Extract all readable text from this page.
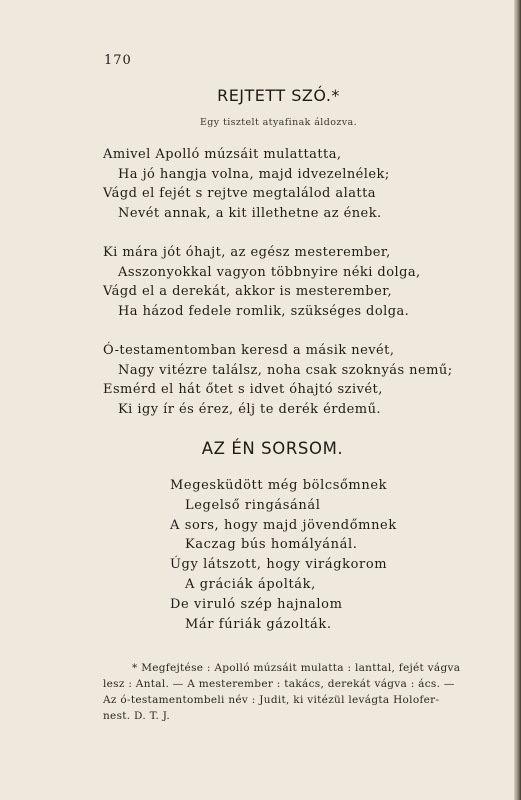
170
REJTETT SZÓ.*
Egy tisztelt atyafinak áldozva.
Amivel Apolló múzsáit mulattatta,
Ha jó hangja volna, majd idvezelnélek;
Vágd el fejét s rejtve megtalálod alatta
Nevét annak, a kit illethetne az ének.
Ki mára jót óhajt, az egész mesterember,
Asszonyokkal vagyon többnyire néki dolga,
Vágd el a derekát, akkor is mesterember,
Ha házod fedele romlik, szükséges dolga.
Ó-testamentomban keresd a másik nevét,
Nagy vitézre találsz, noha csak szoknyás nemű;
Esmérd el hát őtet s idvet óhajtó szivét,
Ki igy ír és érez, élj te derék érdemű.
AZ ÉN SORSOM.
Megesküdött még bölcsőmnek
Legelső ringásánál
A sors, hogy majd jövendőmnek
Kaczag bús homályánál.
Úgy látszott, hogy virágkorom
A gráciák ápolták,
De viruló szép hajnalom
Már fúriák gázolták.
* Megfejtése : Apolló múzsáit mulatta : lanttal, fejét vágva
lesz : Antal. — A mesterember : takács, derekát vágva : ács. —
Az ó-testamentombeli név : Judit, ki vitézül levágta Holofer-
nest. D. T. J.
